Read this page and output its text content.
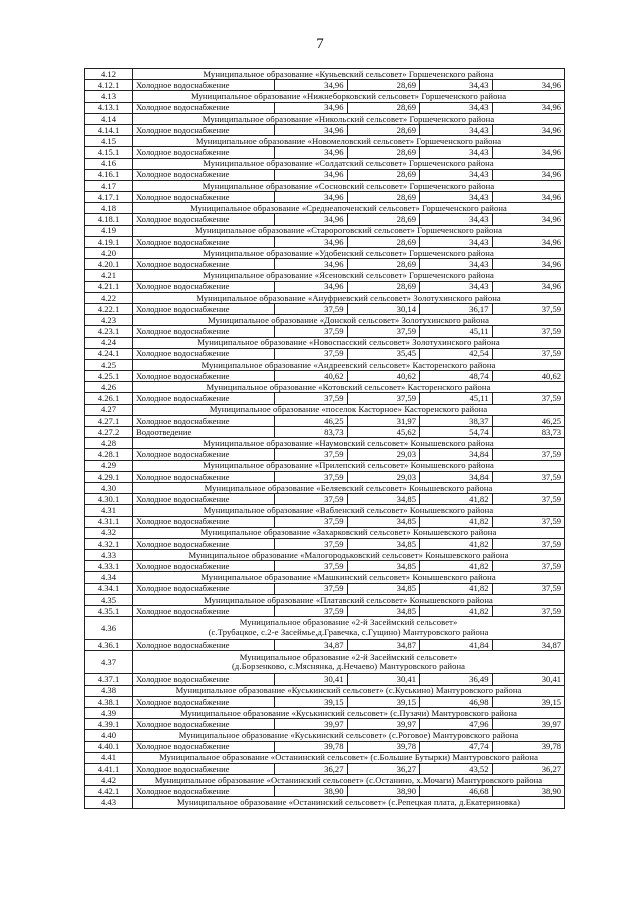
7
4.12	Муниципальное образование «Куньевский сельсовет» Горшеченского района				
4.12.1	Холодное водоснабжение	34,96	28,69	34,43	34,96
4.13	Муниципальное образование «Нижнеборковский сельсовет» Горшеченского района				
4.13.1	Холодное водоснабжение	34,96	28,69	34,43	34,96
4.14	Муниципальное образование «Никольский сельсовет» Горшеченского района				
4.14.1	Холодное водоснабжение	34,96	28,69	34,43	34,96
4.15	Муниципальное образование «Новомеловский сельсовет» Горшеченского района				
4.15.1	Холодное водоснабжение	34,96	28,69	34,43	34,96
4.16	Муниципальное образование «Солдатский сельсовет» Горшеченского района				
4.16.1	Холодное водоснабжение	34,96	28,69	34,43	34,96
4.17	Муниципальное образование «Сосновский сельсовет» Горшеченского района				
4.17.1	Холодное водоснабжение	34,96	28,69	34,43	34,96
4.18	Муниципальное образование «Среднеапоченский сельсовет» Горшеченского района				
4.18.1	Холодное водоснабжение	34,96	28,69	34,43	34,96
4.19	Муниципальное образование «Старороговский сельсовет» Горшеченского района				
4.19.1	Холодное водоснабжение	34,96	28,69	34,43	34,96
4.20	Муниципальное образование «Удобенский сельсовет» Горшеченского района				
4.20.1	Холодное водоснабжение	34,96	28,69	34,43	34,96
4.21	Муниципальное образование «Ясеновский сельсовет» Горшеченского района				
4.21.1	Холодное водоснабжение	34,96	28,69	34,43	34,96
4.22	Муниципальное образование «Ануфриевский сельсовет» Золотухинского района				
4.22.1	Холодное водоснабжение	37,59	30,14	36,17	37,59
4.23	Муниципальное образование «Донской сельсовет» Золотухинского района				
4.23.1	Холодное водоснабжение	37,59	37,59	45,11	37,59
4.24	Муниципальное образование «Новоспасский сельсовет» Золотухинского района				
4.24.1	Холодное водоснабжение	37,59	35,45	42,54	37,59
4.25	Муниципальное образование «Андреевский сельсовет» Касторенского района				
4.25.1	Холодное водоснабжение	40,62	40,62	48,74	40,62
4.26	Муниципальное образование «Котовский сельсовет» Касторенского района				
4.26.1	Холодное водоснабжение	37,59	37,59	45,11	37,59
4.27	Муниципальное образование «поселок Касторное» Касторенского района				
4.27.1	Холодное водоснабжение	46,25	31,97	38,37	46,25
4.27.2	Водоотведение	83,73	45,62	54,74	83,73
4.28	Муниципальное образование «Наумовский сельсовет» Конышевского района				
4.28.1	Холодное водоснабжение	37,59	29,03	34,84	37,59
4.29	Муниципальное образование «Прилепский сельсовет» Конышевского района				
4.29.1	Холодное водоснабжение	37,59	29,03	34,84	37,59
4.30	Муниципальное образование «Беляевский сельсовет» Конышевского района				
4.30.1	Холодное водоснабжение	37,59	34,85	41,82	37,59
4.31	Муниципальное образование «Вабленский сельсовет» Конышевского района				
4.31.1	Холодное водоснабжение	37,59	34,85	41,82	37,59
4.32	Муниципальное образование «Захарковский сельсовет» Конышевского района				
4.32.1	Холодное водоснабжение	37,59	34,85	41,82	37,59
4.33	Муниципальное образование «Малогородьковский сельсовет» Конышевского района				
4.33.1	Холодное водоснабжение	37,59	34,85	41,82	37,59
4.34	Муниципальное образование «Машкинский сельсовет» Конышевского района				
4.34.1	Холодное водоснабжение	37,59	34,85	41,82	37,59
4.35	Муниципальное образование «Платавский сельсовет» Конышевского района				
4.35.1	Холодное водоснабжение	37,59	34,85	41,82	37,59
4.36	Муниципальное образование «2-й Засеймский сельсовет»
(с.Трубацкое, с.2-е Засеймье,д.Гравечка, с.Гущино) Мантуровского района				

4.36.1	Холодное водоснабжение	34,87	34,87	41,84	34,87
4.37	Муниципальное образование «2-й Засеймский сельсовет»
(д.Борзенково, с.Мяснянка, д.Нечаево) Мантуровского района				

4.37.1	Холодное водоснабжение	30,41	30,41	36,49	30,41
4.38	Муниципальное образование «Куськинский сельсовет» (с.Куськино) Мантуровского района				
4.38.1	Холодное водоснабжение	39,15	39,15	46,98	39,15
4.39	Муниципальное образование «Куськинский сельсовет» (с.Пузачи) Мантуровского района				
4.39.1	Холодное водоснабжение	39,97	39,97	47,96	39,97
4.40	Муниципальное образование «Куськинский сельсовет» (с.Роговое) Мантуровского района				
4.40.1	Холодное водоснабжение	39,78	39,78	47,74	39,78
4.41	Муниципальное образование «Останинский сельсовет» (с.Большие Бутырки) Мантуровского района				
4.41.1	Холодное водоснабжение	36,27	36,27	43,52	36,27
4.42	Муниципальное образование «Останинский сельсовет» (с.Останино, х.Мочаги) Мантуровского района				
4.42.1	Холодное водоснабжение	38,90	38,90	46,68	38,90
4.43	Муниципальное образование «Останинский сельсовет» (с.Репецкая плата, д.Екатериновка)				
